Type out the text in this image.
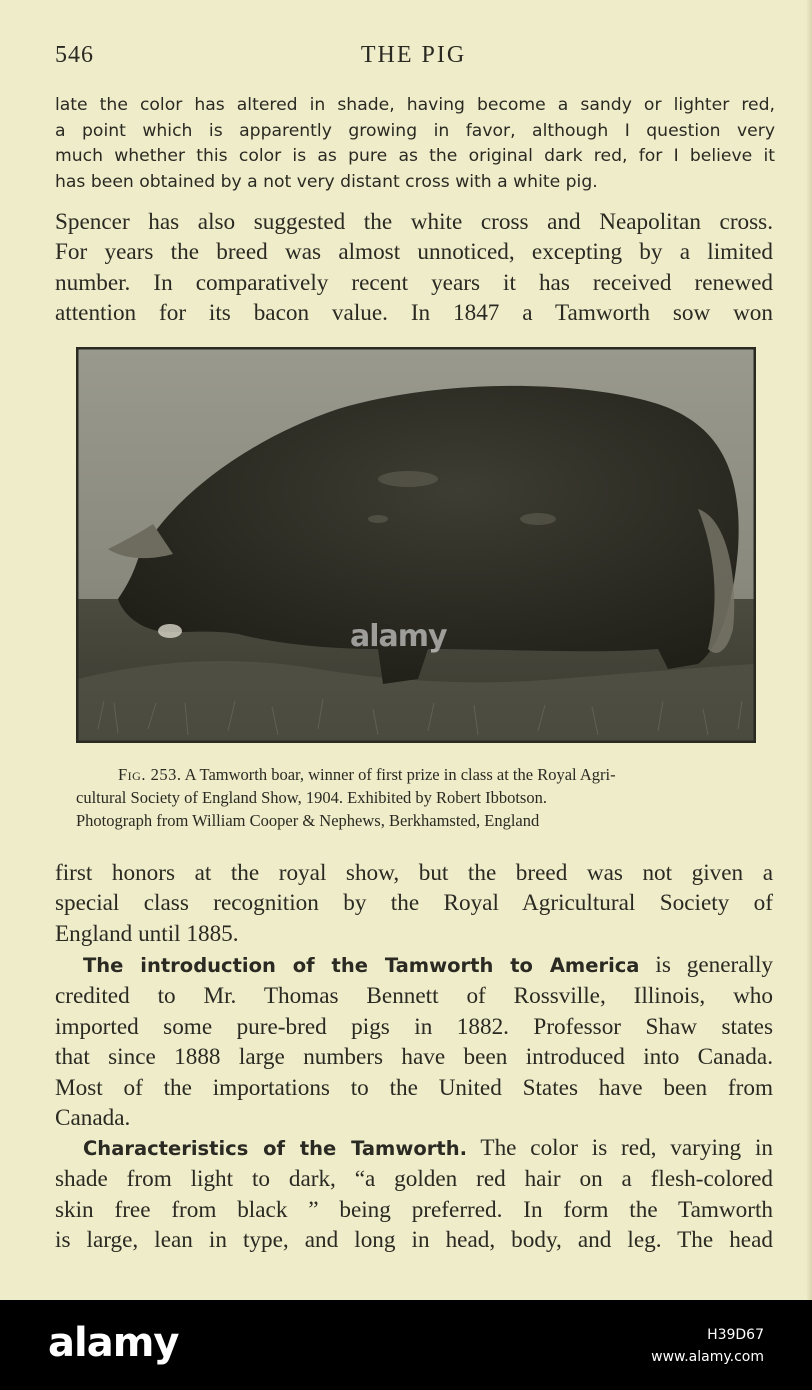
546	THE PIG

late the color has altered in shade, having become a sandy or lighter red,
a point which is apparently growing in favor, although I question very
much whether this color is as pure as the original dark red, for I believe it
has been obtained by a not very distant cross with a white pig.

Spencer has also suggested the white cross and Neapolitan cross.
For years the breed was almost unnoticed, excepting by a limited
number. In comparatively recent years it has received renewed
attention for its bacon value. In 1847 a Tamworth sow won

alamy

Fig. 253. A Tamworth boar, winner of first prize in class at the Royal Agri-
cultural Society of England Show, 1904. Exhibited by Robert Ibbotson.
Photograph from William Cooper & Nephews, Berkhamsted, England

first honors at the royal show, but the breed was not given a
special class recognition by the Royal Agricultural Society of
England until 1885.

The introduction of the Tamworth to America is generally
credited to Mr. Thomas Bennett of Rossville, Illinois, who
imported some pure-bred pigs in 1882. Professor Shaw states
that since 1888 large numbers have been introduced into Canada.
Most of the importations to the United States have been from
Canada.

Characteristics of the Tamworth. The color is red, varying in
shade from light to dark, “a golden red hair on a flesh-colored
skin free from black ” being preferred. In form the Tamworth
is large, lean in type, and long in head, body, and leg. The head

alamy	H39D67
www.alamy.com
